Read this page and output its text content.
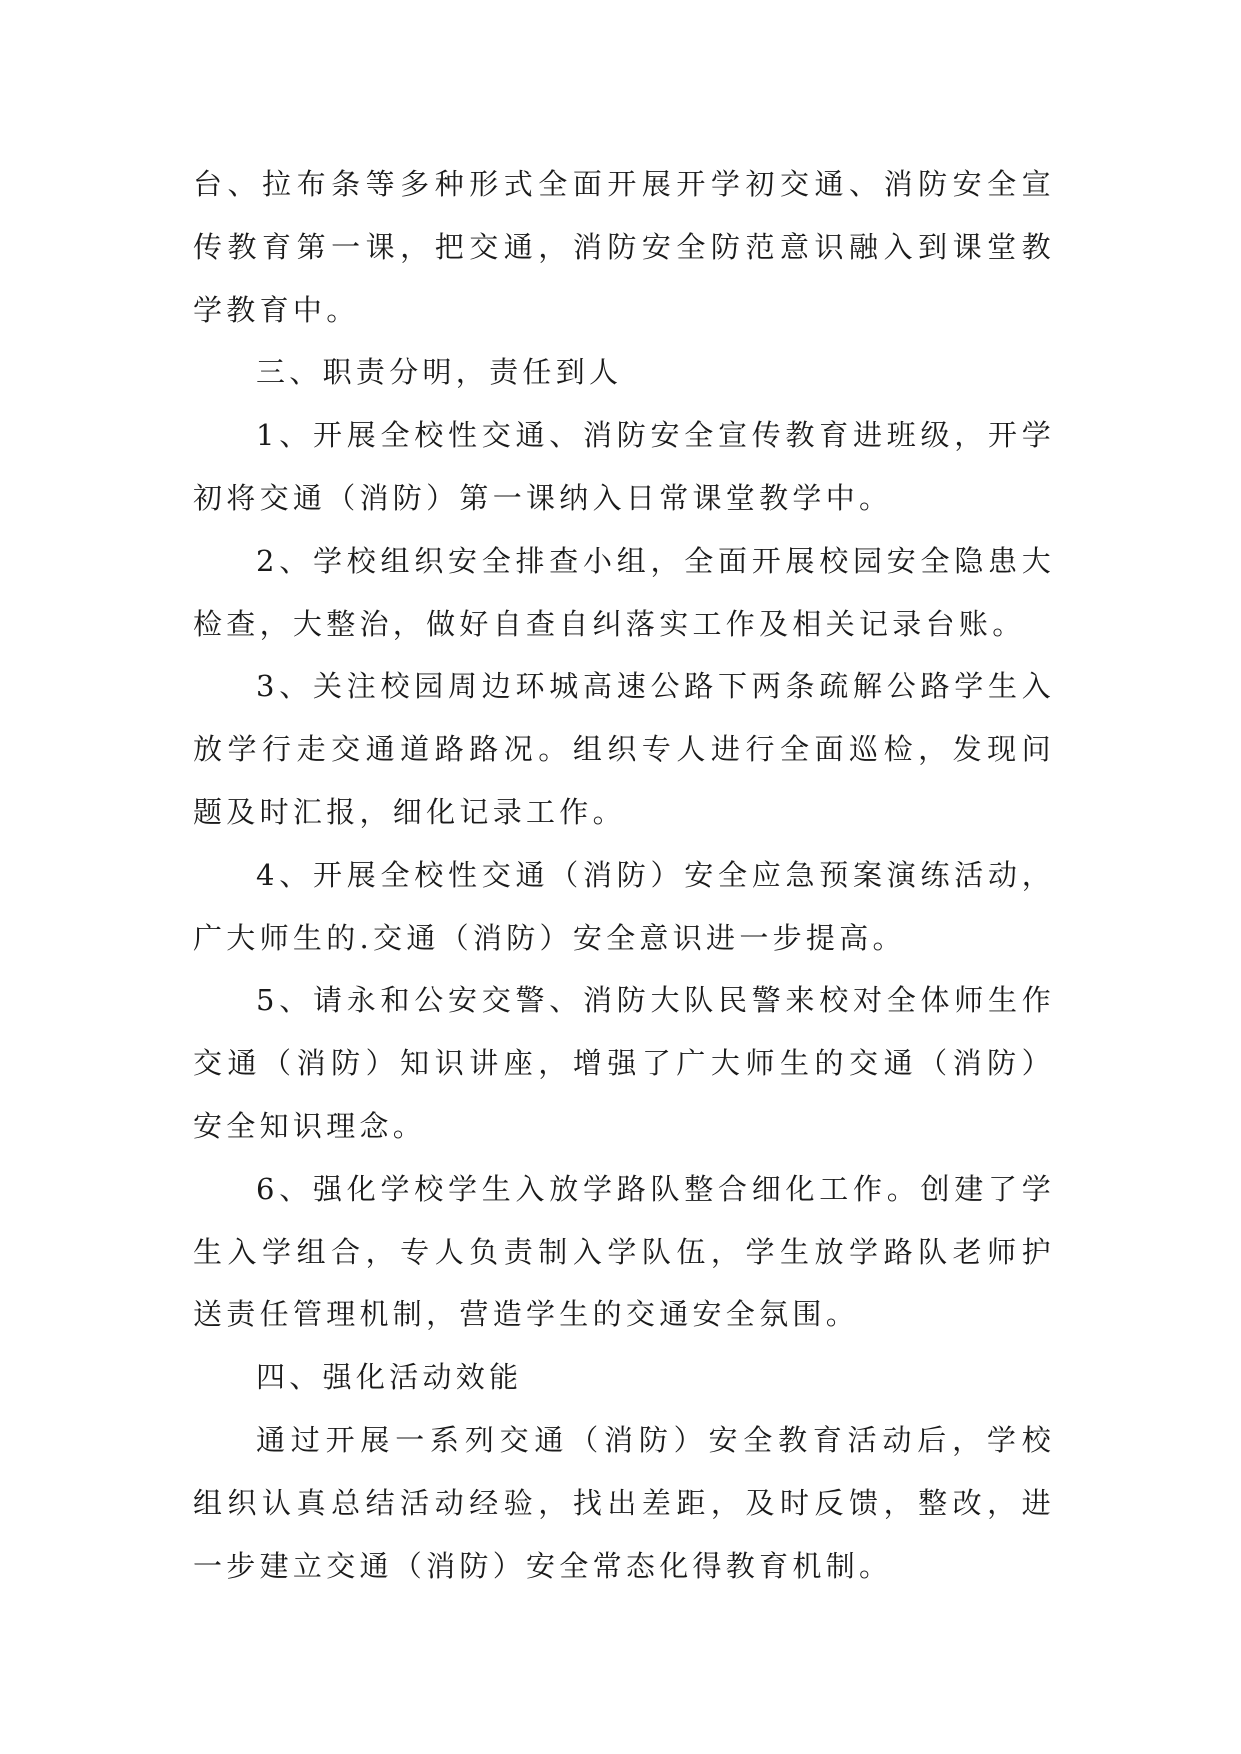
台、拉布条等多种形式全面开展开学初交通、消防安全宣传教育第一课，把交通，消防安全防范意识融入到课堂教学教育中。

三、职责分明，责任到人

1、开展全校性交通、消防安全宣传教育进班级，开学初将交通（消防）第一课纳入日常课堂教学中。

2、学校组织安全排查小组，全面开展校园安全隐患大检查，大整治，做好自查自纠落实工作及相关记录台账。

3、关注校园周边环城高速公路下两条疏解公路学生入放学行走交通道路路况。组织专人进行全面巡检，发现问题及时汇报，细化记录工作。

4、开展全校性交通（消防）安全应急预案演练活动，广大师生的.交通（消防）安全意识进一步提高。

5、请永和公安交警、消防大队民警来校对全体师生作交通（消防）知识讲座，增强了广大师生的交通（消防）安全知识理念。

6、强化学校学生入放学路队整合细化工作。创建了学生入学组合，专人负责制入学队伍，学生放学路队老师护送责任管理机制，营造学生的交通安全氛围。

四、强化活动效能

通过开展一系列交通（消防）安全教育活动后，学校组织认真总结活动经验，找出差距，及时反馈，整改，进一步建立交通（消防）安全常态化得教育机制。
